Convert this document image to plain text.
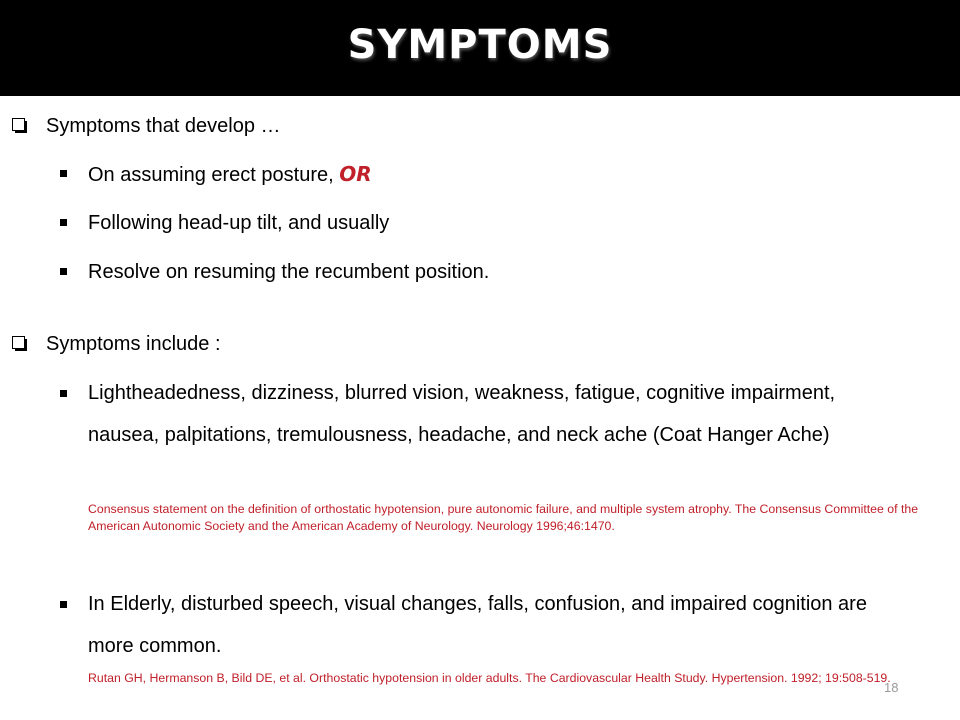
SYMPTOMS
Symptoms that develop …
On assuming erect posture, OR
Following head-up tilt, and usually
Resolve on resuming the recumbent position.
Symptoms include :
Lightheadedness, dizziness, blurred vision, weakness, fatigue, cognitive impairment, nausea, palpitations, tremulousness, headache, and neck ache (Coat Hanger Ache)
Consensus statement on the definition of orthostatic hypotension, pure autonomic failure, and multiple system atrophy. The Consensus Committee of the American Autonomic Society and the American Academy of Neurology. Neurology 1996;46:1470.
In Elderly, disturbed speech, visual changes, falls, confusion, and impaired cognition are more common.
Rutan GH, Hermanson B, Bild DE, et al. Orthostatic hypotension in older adults. The Cardiovascular Health Study. Hypertension. 1992; 19:508-519.
18
